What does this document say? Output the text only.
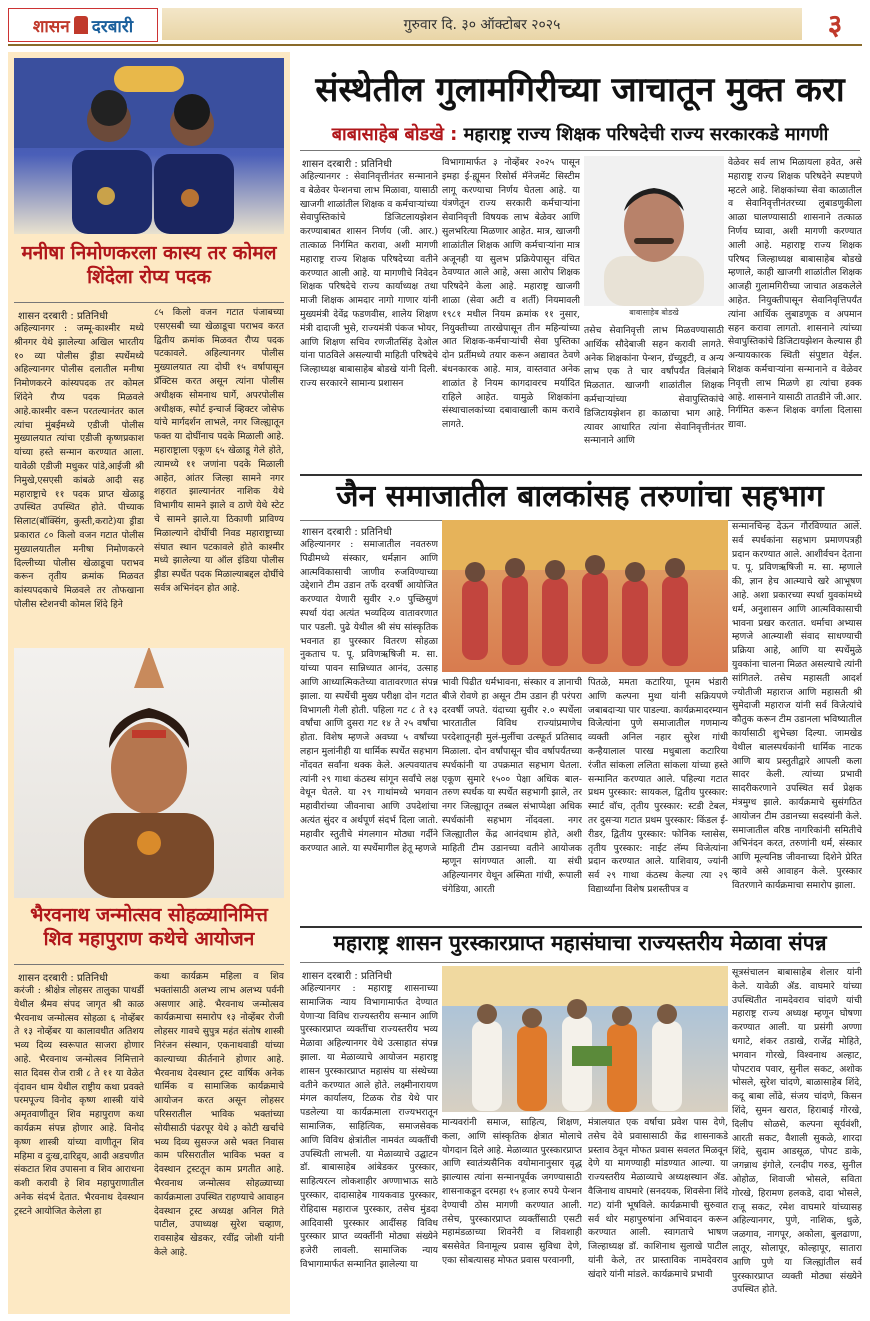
शासन दरबारी	गुरुवार दि. ३० ऑक्टोबर २०२५	३
मनीषा निमोणकरला कास्य तर कोमल शिंदेला रोप्य पदक
शासन दरबारी : प्रतिनिधी
अहिल्यानगर : जम्मू-काश्मीर मध्ये श्रीनगर येथे झालेल्या अखिल भारतीय १० व्या पोलीस ड्रीडा स्पर्धेमध्ये अहिल्यानगर पोलीस दलातील मनीषा निमोणकरने कांस्यपदक तर कोमल शिंदेने रौप्य पदक मिळवले आहे.काश्मीर वरून परतल्यानंतर काल त्यांचा मुंबईमध्ये एडीजी पोलीस मुख्यालयात त्यांचा एडीजी कृष्णप्रकाश यांच्या हस्ते सन्मान करण्यात आला. यावेळी एडीजी मधुकर पांडे,आईजी श्री निमुखे,एसएसी कांबळे आदी सह महाराष्ट्राचे ११ पदक प्राप्त खेळाडू उपस्थित उपस्थित होते. पीच्याक सिलाट(बॉक्सिंग, कुस्ती,कराटे)या ड्रीडा प्रकारात ८० किलो वजन गटात पोलीस मुख्यालयातील मनीषा निमोणकरने दिल्लीच्या पोलीस खेळाडूचा पराभव करून तृतीय क्रमांक मिळवत कांस्यपदकाचे मिळवले तर तोफखाना पोलीस स्टेशनची कोमल शिंदे हिने
८५ किलो वजन गटात पंजाबच्या एसएसबी च्या खेळाडूचा पराभव करत द्वितीय क्रमांक मिळवत रौप्य पदक पटकावले. अहिल्यानगर पोलीस मुख्यालयात त्या दोघी १५ वर्षापासून प्रॅक्टिस करत असून त्यांना पोलीस अधीक्षक सोमनाथ घार्गे, अपरपोलीस अधीक्षक, स्पोर्ट इन्चार्ज व्हिक्टर जोसेफ यांचे मार्गदर्शन लाभले, नगर जिल्ह्यातून फक्त या दोघींनाच पदके मिळाली आहे. महाराष्ट्राला एकूण ६५ खेळाडू गेले होते, त्यामध्ये ११ जणांना पदके मिळाली आहेत, आंतर जिल्हा सामने नगर शहरात झाल्यानंतर नाशिक येथे विभागीय सामने झाले व ठाणे येथे स्टेट चे सामने झाले.या ठिकाणी प्राविण्य मिळाल्याने दोघींची निवड महाराष्ट्राच्या संघात स्थान पटकावले होते काश्मीर मध्ये झालेल्या या ऑल इंडिया पोलीस ड्रीडा स्पर्धेत पदक मिळाल्याबद्दल दोघींचे सर्वत्र अभिनंदन होत आहे.
भैरवनाथ जन्मोत्सव सोहळ्यानिमित्त शिव महापुराण कथेचे आयोजन
शासन दरबारी : प्रतिनिधी
करंजी : श्रीक्षेत्र लोहसर तालुका पाथर्डी येथील श्रैमव संपद जागृत श्री काळ भैरवनाथ जन्मोत्सव सोहळा ६ नोव्हेंबर ते १३ नोव्हेंबर या कालावधीत अतिशय भव्य दिव्य स्वरूपात साजरा होणार आहे. भैरवनाथ जन्मोत्सव निमित्ताने सात दिवस रोज रात्री ८ ते ११ या वेळेत वृंदावन धाम येथील राष्ट्रीय कथा प्रवक्ते परमपूज्य विनोद कृष्ण शास्त्री यांचे अमृतवाणीतून शिव महापुराण कथा कार्यक्रम संपन्न होणार आहे. विनोद कृष्ण शास्त्री यांच्या वाणीतून शिव महिमा व दुःख,दारिद्र्य, आदी अडचणीत संकटात शिव उपासना व शिव आराधना कशी करावी हे शिव महापुराणातील अनेक संदर्भ देतात. भैरवनाथ देवस्थान ट्रस्टने आयोजित केलेला हा
कथा कार्यक्रम महिला व शिव भक्तांसाठी अलभ्य लाभ अलभ्य पर्वनी असणार आहे. भैरवनाथ जन्मोत्सव कार्यक्रमाचा समारोप १३ नोव्हेंबर रोजी लोहसर गावचे सुपुत्र महंत संतोष शास्त्री निरंजन संस्थान, एकनाथवाडी यांच्या काल्याच्या कीर्तनाने होणार आहे. भैरवनाथ देवस्थान ट्रस्ट वार्षिक अनेक धार्मिक व सामाजिक कार्यक्रमाचे आयोजन करत असून लोहसर परिसरातील भाविक भक्तांच्या सोयीसाठी पंढरपूर येथे ३ कोटी खर्चाचे भव्य दिव्य सुसज्ज असे भक्त निवास काम परिसरातील भाविक भक्त व देवस्थान ट्रस्टतून काम प्रगतीत आहे. भैरवनाथ जन्मोत्सव सोहळ्याच्या कार्यक्रमाला उपस्थित राहण्याचे आवाहन देवस्थान ट्रस्ट अध्यक्ष अनिल गिते पाटील, उपाध्यक्ष सुरेश चव्हाण, रावसाहेब खेडकर, रवींद्र जोशी यांनी केले आहे.
संस्थेतील गुलामगिरीच्या जाचातून मुक्त करा
बाबासाहेब बोडखे : महाराष्ट्र राज्य शिक्षक परिषदेची राज्य सरकारकडे मागणी
शासन दरबारी : प्रतिनिधी
अहिल्यानगर : सेवानिवृत्तीनंतर सन्मानाने व बेळेवर पेन्शनचा लाभ मिळावा, यासाठी खाजगी शाळांतील शिक्षक व कर्मचाऱ्यांच्या सेवापुस्तिकांचे डिजिटलायझेशन करण्याबाबत शासन निर्णय (जी. आर.) तात्काळ निर्गमित करावा, अशी मागणी महाराष्ट्र राज्य शिक्षक परिषदेच्या वतीने करण्यात आली आहे. या मागणीचे निवेदन शिक्षक परिषदेचे राज्य कार्याध्यक्ष तथा माजी शिक्षक आमदार नागो गाणार यांनी मुख्यमंत्री देवेंद्र फडणवीस, शालेय शिक्षण मंत्री दादाजी भुसे, राज्यमंत्री पंकज भोयर, आणि शिक्षण सचिव रणजीतसिंह देओल यांना पाठविले असल्याची माहिती परिषदेचे जिल्हाध्यक्ष बाबासाहेब बोडखे यांनी दिली. राज्य सरकारने सामान्य प्रशासन
विभागामार्फत ३ नोव्हेंबर २०२५ पासून इमहा ई-ह्यूमन रिसोर्स मॅनेजमेंट सिस्टीम लागू करण्याचा निर्णय घेतला आहे. या यंत्रणेतून राज्य सरकारी कर्मचाऱ्यांना सेवानिवृत्ती विषयक लाभ बेळेवर आणि सुलभरित्या मिळणार आहेत. मात्र, खाजगी शाळांतील शिक्षक आणि कर्मचाऱ्यांना मात्र अजूनही या सुलभ प्रक्रियेपासून वंचित ठेवण्यात आले आहे, असा आरोप शिक्षक परिषदेने केला आहे. महाराष्ट्र खाजगी शाळा (सेवा अटी व शर्ती) नियमावली १९८१ मधील नियम क्रमांक ११ नुसार, नियुक्तीच्या तारखेपासून तीन महिन्यांच्या आत शिक्षक-कर्मचाऱ्यांची सेवा पुस्तिका दोन प्रतींमध्ये तयार करून अद्यावत ठेवणे बंधनकारक आहे. मात्र, वास्तवात अनेक शाळांत हे नियम कागदावरच मर्यादित राहिले आहेत. यामुळे शिक्षकांना संस्थाचालकांच्या दबावाखाली काम करावे लागते.
बाबासाहेब बोडखे
तसेच सेवानिवृत्ती लाभ मिळवण्यासाठी आर्थिक सौदेबाजी सहन करावी लागते. अनेक शिक्षकांना पेन्शन, ग्रॅच्युइटी, व अन्य लाभ एक ते चार वर्षांपर्यंत विलंबाने मिळतात. खाजगी शाळांतील शिक्षक कर्मचाऱ्यांच्या सेवापुस्तिकांचे डिजिटायझेशन हा काळाचा भाग आहे. त्यावर आधारित त्यांना सेवानिवृत्तीनंतर सन्मानाने आणि
वेळेवर सर्व लाभ मिळायला हवेत, असे महाराष्ट्र राज्य शिक्षक परिषदेने स्पष्टपणे म्हटले आहे. शिक्षकांच्या सेवा काळातील व सेवानिवृत्तीनंतरच्या लुबाडणुकीला आळा घालण्यासाठी शासनाने तत्काळ निर्णय घ्यावा, अशी मागणी करण्यात आली आहे. महाराष्ट्र राज्य शिक्षक परिषद जिल्हाध्यक्ष बाबासाहेब बोडखे म्हणाले, काही खाजगी शाळांतील शिक्षक आजही गुलामगिरीच्या जाचात अडकलेले आहेत. नियुक्तीपासून सेवानिवृत्तिपर्यंत त्यांना आर्थिक लुबाडणूक व अपमान सहन करावा लागतो. शासनाने त्यांच्या सेवापुस्तिकांचे डिजिटायझेशन केल्यास ही अन्यायकारक स्थिती संपुष्टात येईल. शिक्षक कर्मचाऱ्यांना सन्मानाने व वेळेवर निवृत्ती लाभ मिळणे हा त्यांचा हक्क आहे. शासनाने यासाठी तातडीने जी.आर. निर्गमित करून शिक्षक वर्गाला दिलासा द्यावा.
जैन समाजातील बालकांसह तरुणांचा सहभाग
शासन दरबारी : प्रतिनिधी
अहिल्यानगर : समाजातील नवतरुण पिढीमध्ये संस्कार, धर्मज्ञान आणि आत्मविकासाची जाणीव रुजविण्याच्या उद्देशाने टीम उडान तर्फे दरवर्षी आयोजित करण्यात येणारी सुवीर २.० पुच्छिसुणं स्पर्धा यंदा अत्यंत भव्यदिव्य वातावरणात पार पडली. पुढे येथील श्री संघ सांस्कृतिक भवनात हा पुरस्कार वितरण सोहळा नुकताच प. पू. प्रविणऋषिजी म. सा. यांच्या पावन सान्निध्यात आनंद, उत्साह आणि आध्यात्मिकतेच्या वातावरणात संपन्न झाला. या स्पर्धेची मुख्य परीक्षा दोन गटात विभागली गेली होती. पहिला गट ८ ते १३ वर्षांचा आणि दुसरा गट १४ ते २५ वर्षांचा होता. विशेष म्हणजे अवघ्या ५ वर्षांच्या लहान मुलांनीही या धार्मिक स्पर्धेत सहभाग नोंदवत सर्वांना थक्क केले. अल्पवयातच त्यांनी २९ गाथा कंठस्थ सांगून सर्वांचे लक्ष वेधून घेतले. या २९ गाथांमध्ये भगवान महावीरांच्या जीवनाचा आणि उपदेशांचा अत्यंत सुंदर व अर्थपूर्ण संदर्भ दिला जातो. महावीर स्तुतीचे मंगलगान मोठ्या गर्दीने करण्यात आले. या स्पर्धेमागील हेतू म्हणजे
भावी पिढीत धर्मभावना, संस्कार व ज्ञानाची बीजे रोवणे हा असून टीम उडान ही परंपरा दरवर्षी जपते. यंदाच्या सुवीर २.० स्पर्धेला भारतातील विविध राज्यांप्रमाणेच परदेशातूनही मुलं-मुलींचा उत्स्फूर्त प्रतिसाद मिळाला. दोन वर्षांपासून चीव वर्षापर्यंतच्या स्पर्धकांनी या उपक्रमात सहभाग घेतला. एकूण सुमारे १५०० पेक्षा अधिक बाल-तरुण स्पर्धक या स्पर्धेत सहभागी झाले, तर नगर जिल्ह्यातून तब्बल संभाप्पेक्षा अधिक स्पर्धकांनी सहभाग नोंदवला. नगर जिल्ह्यातील केंद्र आनंदधाम होते, अशी माहिती टीम उडानच्या वतीने आयोजक म्हणून सांगण्यात आली. या संधी अहिल्यानगर येथून अस्मिता गांधी, रूपाली चंगेडिया, आरती
पितळे, ममता कटारिया, पूनम भंडारी आणि कल्पना मुथा यांनी सक्रियपणे जबाबदाऱ्या पार पाडल्या. कार्यक्रमादरम्यान विजेत्यांना पुणे समाजातील गणमान्य व्यक्ती अनिल नहार सुरेश गांधी कन्हैयालाल पारख मधुबाला कटारिया रंजीत सांकला ललिता सांकला यांच्या हस्ते सन्मानित करण्यात आले. पहिल्या गटात प्रथम पुरस्कार: सायकल, द्वितीय पुरस्कार: स्मार्ट वॉच, तृतीय पुरस्कार: स्टडी टेबल, तर दुसऱ्या गटात प्रथम पुरस्कार: किंडल ई-रीडर, द्वितीय पुरस्कार: फोनिक ग्लासेस, तृतीय पुरस्कार: नाईट लॅम्प विजेत्यांना प्रदान करण्यात आले. याशिवाय, ज्यांनी सर्व २९ गाथा कंठस्थ केल्या त्या २९ विद्यार्थ्यांना विशेष प्रशस्तीपत्र व
सन्मानचिन्ह देऊन गौरविण्यात आले. सर्व स्पर्धकांना सहभाग प्रमाणपत्रही प्रदान करण्यात आले. आशीर्वचन देताना प. पू. प्रविणऋषिजी म. सा. म्हणाले की, ज्ञान हेच आत्म्याचे खरे आभूषण आहे. अशा प्रकारच्या स्पर्धा युवकांमध्ये धर्म, अनुशासन आणि आत्मविकासाची भावना प्रखर करतात. धर्माचा अभ्यास म्हणजे आत्म्याशी संवाद साधण्याची प्रक्रिया आहे, आणि या स्पर्धेमुळे युवकांना चालना मिळत असल्याचे त्यांनी सांगितले. तसेच महासती आदर्श ज्योतीजी महाराज आणि महासती श्री सुमेदाजी महाराज यांनी सर्व विजेत्यांचे कौतुक करून टीम उडानला भविष्यातील कार्यासाठी शुभेच्छा दिल्या. जामखेड येथील बालस्पर्धकांनी धार्मिक नाटक आणि बाय प्रस्तुतीद्वारे आपली कला सादर केली. त्यांच्या प्रभावी सादरीकरणाने उपस्थित सर्व प्रेक्षक मंत्रमुग्ध झाले. कार्यक्रमाचे सुसंगठित आयोजन टीम उडानच्या सदस्यांनी केले. समाजातील वरिष्ठ नागरिकांनी समितीचे अभिनंदन करत, तरुणांनी धर्म, संस्कार आणि मूल्यनिष्ठ जीवनाच्या दिशेने प्रेरित व्हावे असे आवाहन केले. पुरस्कार वितरणाने कार्यक्रमाचा समारोप झाला.
महाराष्ट्र शासन पुरस्कारप्राप्त महासंघाचा राज्यस्तरीय मेळावा संपन्न
शासन दरबारी : प्रतिनिधी
अहिल्यानगर : महाराष्ट्र शासनाच्या सामाजिक न्याय विभागामार्फत देण्यात येणाऱ्या विविध राज्यस्तरीय सन्मान आणि पुरस्कारप्राप्त व्यक्तींचा राज्यस्तरीय भव्य मेळावा अहिल्यानगर येथे उत्साहात संपन्न झाला. या मेळाव्याचे आयोजन महाराष्ट्र शासन पुरस्कारप्राप्त महासंघ या संस्थेच्या वतीने करण्यात आले होते. लक्ष्मीनारायण मंगल कार्यालय, टिळक रोड येथे पार पडलेल्या या कार्यक्रमाला राज्यभरातून सामाजिक, साहित्यिक, समाजसेवक आणि विविध क्षेत्रांतील नामवंत व्यक्तींची उपस्थिती लाभली. या मेळाव्याचे उद्घाटन डॉ. बाबासाहेब आंबेडकर पुरस्कार, साहित्यरत्न लोकशाहीर अण्णाभाऊ साठे पुरस्कार, दादासाहेब गायकवाड पुरस्कार, रोहिदास महाराज पुरस्कार, तसेच मुंडदा आदिवासी पुरस्कार आदींसह विविध पुरस्कार प्राप्त व्यक्तींनी मोठ्या संख्येने हजेरी लावली. सामाजिक न्याय विभागामार्फत सन्मानित झालेल्या या
मान्यवरांनी समाज, साहित्य, शिक्षण, कला, आणि सांस्कृतिक क्षेत्रात मोलाचे योगदान दिले आहे. मेळाव्यात पुरस्कारप्राप्त आणि स्वातंत्र्यसैनिक वयोमानानुसार वृद्ध झाल्यास त्यांना सन्मानपूर्वक जगण्यासाठी शासनाकडून दरमहा १५ हजार रुपये पेन्शन देण्याची ठोस मागणी करण्यात आली. तसेच, पुरस्कारप्राप्त व्यक्तींसाठी एसटी महामंडळाच्या शिवनेरी व शिवशाही बससेवेत विनामूल्य प्रवास सुविधा देणे, एका सोबत्यासह मोफत प्रवास परवानगी,
मंत्रालयात एक वर्षाचा प्रवेश पास देणे, तसेच देवे प्रवासासाठी केंद्र शासनाकडे प्रस्ताव ठेवून मोफत प्रवास सवलत मिळवून देणे या मागण्याही मांडण्यात आल्या. या राज्यस्तरीय मेळाव्याचे अध्यक्षस्थान ॲड. वैजिनाथ वाघमारे (सनदयक, शिवसेना शिंदे गट) यांनी भूषविले. कार्यक्रमाची सुरुवात सर्व थोर महापुरुषांना अभिवादन करून करण्यात आली. स्वागताचे भाषण जिल्हाध्यक्ष डॉ. काशिनाथ सुलाखे पाटील यांनी केले, तर प्रास्ताविक नामदेवराव खंदारे यांनी मांडले. कार्यक्रमाचे प्रभावी
सूत्रसंचालन बाबासाहेब शेलार यांनी केले. यावेळी ॲड. वाघमारे यांच्या उपस्थितीत नामदेवराव चांदणे यांची महाराष्ट्र राज्य अध्यक्ष म्हणून घोषणा करण्यात आली. या प्रसंगी अण्णा धगाटे, शंकर तडाखे, राजेंद्र मोहिते, भगवान गोरखे, विश्वनाथ अल्हाट, पोपटराव पवार, सुनील सकट, अशोक भोसले, सुरेश चांदणे, बाळासाहेब शिंदे, कदू बाबा लोंढे, संजय चांदणे, किसन शिंदे, सुमन खरात, हिराबाई गोरखे, दिलीप सोळसे, कल्पना सूर्यवंशी, आरती सकट, वैशाली सुकळे, शारदा शिंदे, सुदाम आडसूळ, पोपट डाके, जगन्नाथ इंगोले, रत्नदीप गरुड, सुनील ओहोळ, शिवाजी भोसले, सविता गोरखे, हिरामण हलकडे, दादा भोसले, राजू सकट, रमेश वाघमारे यांच्यासह अहिल्यानगर, पुणे, नाशिक, धुळे, जळगाव, नागपूर, अकोला, बुलढाणा, लातूर, सोलापूर, कोल्हापूर, सातारा आणि पुणे या जिल्ह्यांतील सर्व पुरस्कारप्राप्त व्यक्ती मोठ्या संख्येने उपस्थित होते.
